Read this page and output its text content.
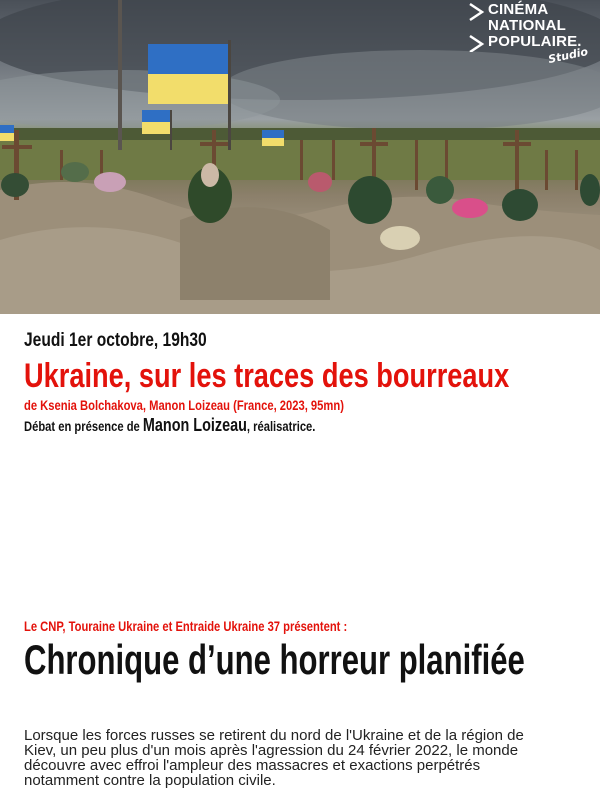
CINÉMA
NATIONAL
POPULAIRE.
Studio
Jeudi 1er octobre, 19h30
Ukraine, sur les traces des bourreaux
de Ksenia Bolchakova, Manon Loizeau (France, 2023, 95mn)
Débat en présence de Manon Loizeau, réalisatrice.
Le CNP, Touraine Ukraine et Entraide Ukraine 37 présentent :
Chronique d’une horreur planifiée
Lorsque les forces russes se retirent du nord de l'Ukraine et de la région de Kiev, un peu plus d'un mois après l'agression du 24 février 2022, le monde découvre avec effroi l'ampleur des massacres et exactions perpétrés notamment contre la population civile.
